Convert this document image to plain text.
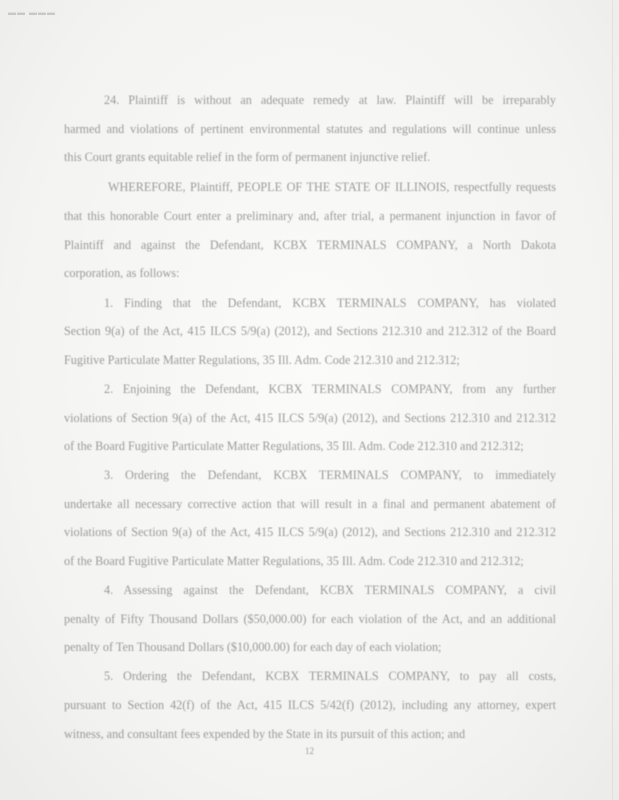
▬▬ ▬▬▬
24. Plaintiff is without an adequate remedy at law. Plaintiff will be irreparably
harmed and violations of pertinent environmental statutes and regulations will continue unless
this Court grants equitable relief in the form of permanent injunctive relief.
WHEREFORE, Plaintiff, PEOPLE OF THE STATE OF ILLINOIS, respectfully requests
that this honorable Court enter a preliminary and, after trial, a permanent injunction in favor of
Plaintiff and against the Defendant, KCBX TERMINALS COMPANY, a North Dakota
corporation, as follows:
1. Finding that the Defendant, KCBX TERMINALS COMPANY, has violated
Section 9(a) of the Act, 415 ILCS 5/9(a) (2012), and Sections 212.310 and 212.312 of the Board
Fugitive Particulate Matter Regulations, 35 Ill. Adm. Code 212.310 and 212.312;
2. Enjoining the Defendant, KCBX TERMINALS COMPANY, from any further
violations of Section 9(a) of the Act, 415 ILCS 5/9(a) (2012), and Sections 212.310 and 212.312
of the Board Fugitive Particulate Matter Regulations, 35 Ill. Adm. Code 212.310 and 212.312;
3. Ordering the Defendant, KCBX TERMINALS COMPANY, to immediately
undertake all necessary corrective action that will result in a final and permanent abatement of
violations of Section 9(a) of the Act, 415 ILCS 5/9(a) (2012), and Sections 212.310 and 212.312
of the Board Fugitive Particulate Matter Regulations, 35 Ill. Adm. Code 212.310 and 212.312;
4. Assessing against the Defendant, KCBX TERMINALS COMPANY, a civil
penalty of Fifty Thousand Dollars ($50,000.00) for each violation of the Act, and an additional
penalty of Ten Thousand Dollars ($10,000.00) for each day of each violation;
5. Ordering the Defendant, KCBX TERMINALS COMPANY, to pay all costs,
pursuant to Section 42(f) of the Act, 415 ILCS 5/42(f) (2012), including any attorney, expert
witness, and consultant fees expended by the State in its pursuit of this action; and
12
